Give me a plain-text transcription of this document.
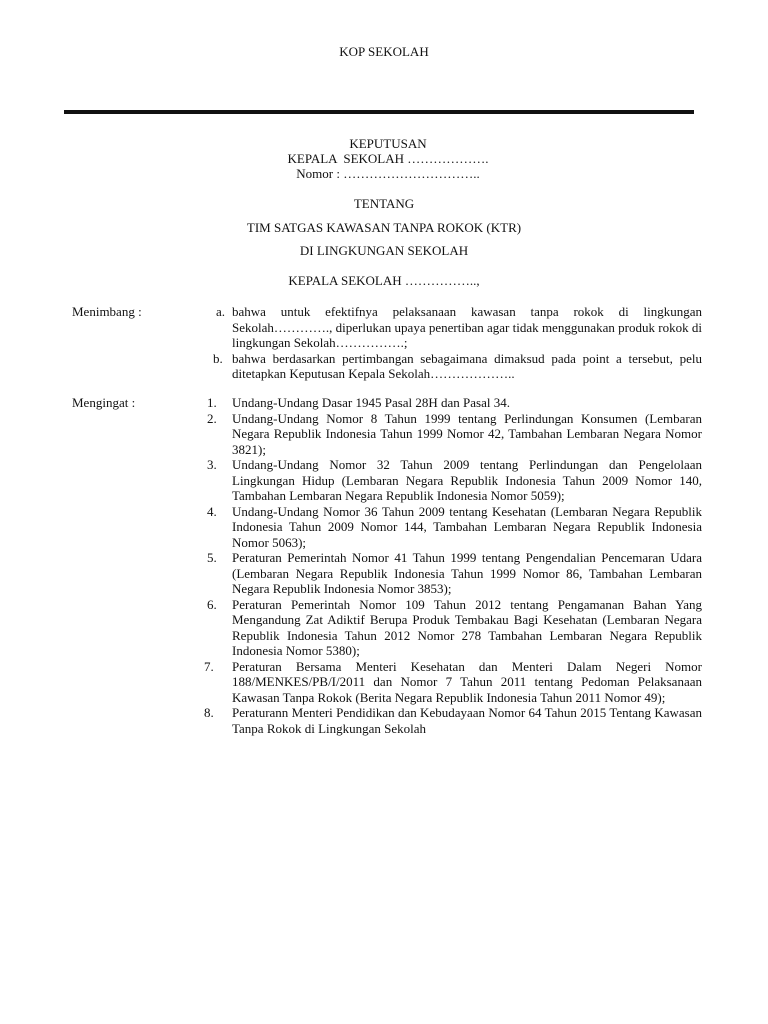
KOP SEKOLAH
KEPUTUSAN
KEPALA  SEKOLAH ……………….
Nomor : …………………………..
TENTANG
TIM SATGAS KAWASAN TANPA ROKOK (KTR)
DI LINGKUNGAN SEKOLAH
KEPALA SEKOLAH ……………..,
Menimbang :	a. bahwa untuk efektifnya pelaksanaan kawasan tanpa rokok di lingkungan Sekolah…………., diperlukan upaya penertiban agar tidak menggunakan produk rokok di lingkungan Sekolah…………….;
b. bahwa berdasarkan pertimbangan sebagaimana dimaksud pada point a tersebut, pelu ditetapkan Keputusan Kepala Sekolah………………..
Mengingat :	1. Undang-Undang Dasar 1945 Pasal 28H dan Pasal 34.
2. Undang-Undang Nomor 8 Tahun 1999 tentang Perlindungan Konsumen (Lembaran Negara Republik Indonesia Tahun 1999 Nomor 42, Tambahan Lembaran Negara Nomor 3821);
3. Undang-Undang Nomor 32 Tahun 2009 tentang Perlindungan dan Pengelolaan Lingkungan Hidup (Lembaran Negara Republik Indonesia Tahun 2009 Nomor 140, Tambahan Lembaran Negara Republik Indonesia Nomor 5059);
4. Undang-Undang Nomor 36 Tahun 2009 tentang Kesehatan (Lembaran Negara Republik Indonesia Tahun 2009 Nomor 144, Tambahan Lembaran Negara Republik Indonesia Nomor 5063);
5. Peraturan Pemerintah Nomor 41 Tahun 1999 tentang Pengendalian Pencemaran Udara (Lembaran Negara Republik Indonesia Tahun 1999 Nomor 86, Tambahan Lembaran Negara Republik Indonesia Nomor 3853);
6. Peraturan Pemerintah Nomor 109 Tahun 2012 tentang Pengamanan Bahan Yang Mengandung Zat Adiktif Berupa Produk Tembakau Bagi Kesehatan (Lembaran Negara Republik Indonesia Tahun 2012 Nomor 278 Tambahan Lembaran Negara Republik Indonesia Nomor 5380);
7. Peraturan Bersama Menteri Kesehatan dan Menteri Dalam Negeri Nomor 188/MENKES/PB/I/2011 dan Nomor 7 Tahun 2011 tentang Pedoman Pelaksanaan Kawasan Tanpa Rokok (Berita Negara Republik Indonesia Tahun 2011 Nomor 49);
8. Peraturann Menteri Pendidikan dan Kebudayaan Nomor 64 Tahun 2015 Tentang Kawasan Tanpa Rokok di Lingkungan Sekolah
